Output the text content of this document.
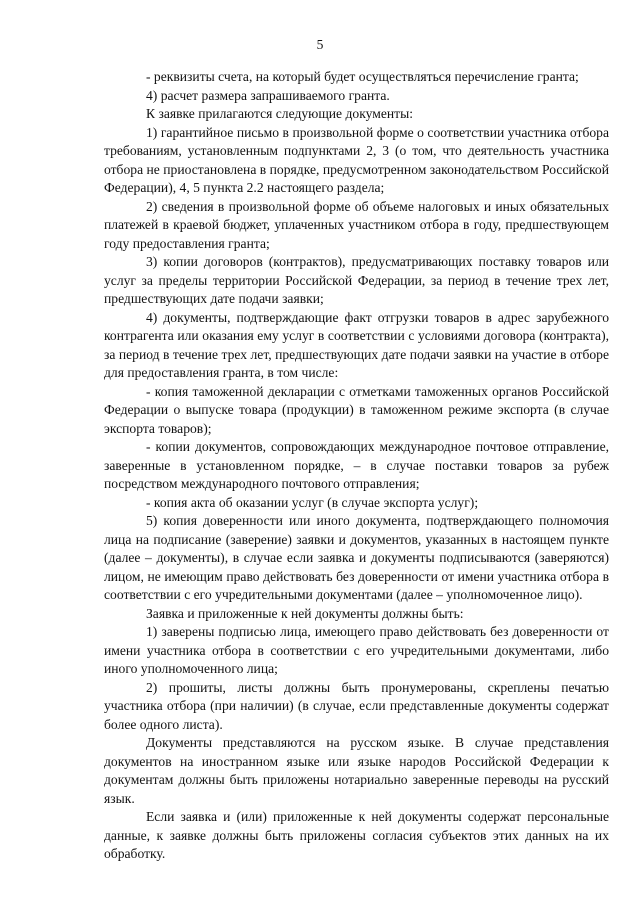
5

- реквизиты счета, на который будет осуществляться перечисление гранта;

4) расчет размера запрашиваемого гранта.

К заявке прилагаются следующие документы:

1) гарантийное письмо в произвольной форме о соответствии участника отбора требованиям, установленным подпунктами 2, 3 (о том, что деятельность участника отбора не приостановлена в порядке, предусмотренном законодательством Российской Федерации), 4, 5 пункта 2.2 настоящего раздела;

2) сведения в произвольной форме об объеме налоговых и иных обязательных платежей в краевой бюджет, уплаченных участником отбора в году, предшествующем году предоставления гранта;

3) копии договоров (контрактов), предусматривающих поставку товаров или услуг за пределы территории Российской Федерации, за период в течение трех лет, предшествующих дате подачи заявки;

4) документы, подтверждающие факт отгрузки товаров в адрес зарубежного контрагента или оказания ему услуг в соответствии с условиями договора (контракта), за период в течение трех лет, предшествующих дате подачи заявки на участие в отборе для предоставления гранта, в том числе:

- копия таможенной декларации с отметками таможенных органов Российской Федерации о выпуске товара (продукции) в таможенном режиме экспорта (в случае экспорта товаров);

- копии документов, сопровождающих международное почтовое отправление, заверенные в установленном порядке, – в случае поставки товаров за рубеж посредством международного почтового отправления;

- копия акта об оказании услуг (в случае экспорта услуг);

5) копия доверенности или иного документа, подтверждающего полномочия лица на подписание (заверение) заявки и документов, указанных в настоящем пункте (далее – документы), в случае если заявка и документы подписываются (заверяются) лицом, не имеющим право действовать без доверенности от имени участника отбора в соответствии с его учредительными документами (далее – уполномоченное лицо).

Заявка и приложенные к ней документы должны быть:

1) заверены подписью лица, имеющего право действовать без доверенности от имени участника отбора в соответствии с его учредительными документами, либо иного уполномоченного лица;

2) прошиты, листы должны быть пронумерованы, скреплены печатью участника отбора (при наличии) (в случае, если представленные документы содержат более одного листа).

Документы представляются на русском языке. В случае представления документов на иностранном языке или языке народов Российской Федерации к документам должны быть приложены нотариально заверенные переводы на русский язык.

Если заявка и (или) приложенные к ней документы содержат персональные данные, к заявке должны быть приложены согласия субъектов этих данных на их обработку.
